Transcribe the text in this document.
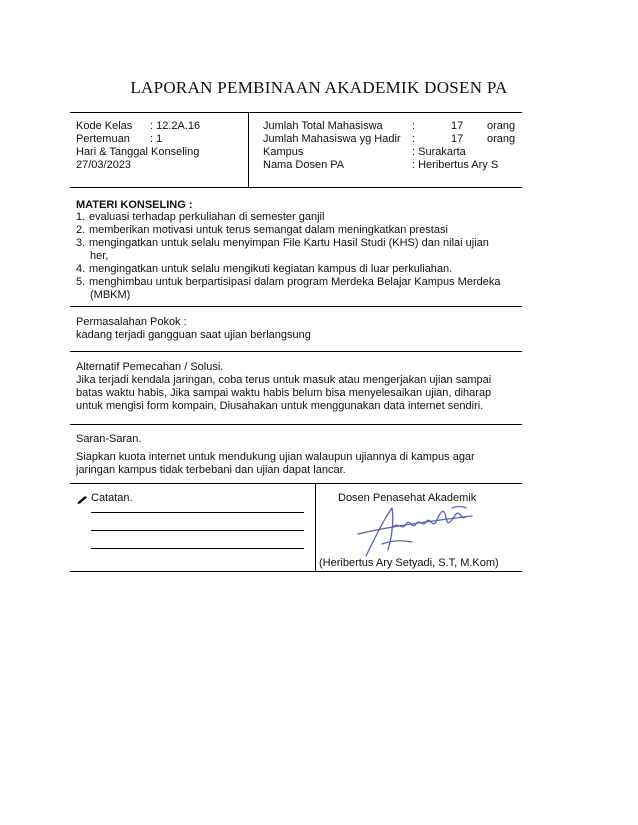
LAPORAN PEMBINAAN AKADEMIK DOSEN PA
Kode Kelas : 12.2A.16
Pertemuan : 1
Hari & Tanggal Konseling
27/03/2023
Jumlah Total Mahasiswa	:	17 orang
Jumlah Mahasiswa yg Hadir :	17 orang
Kampus	: Surakarta
Nama Dosen PA	: Heribertus Ary S
MATERI KONSELING :
1. evaluasi terhadap perkuliahan di semester ganjil
2. memberikan motivasi untuk terus semangat dalam meningkatkan prestasi
3. mengingatkan untuk selalu menyimpan File Kartu Hasil Studi (KHS) dan nilai ujian
her,
4. mengingatkan untuk selalu mengikuti kegiatan kampus di luar perkuliahan.
5. menghimbau untuk berpartisipasi dalam program Merdeka Belajar Kampus Merdeka
(MBKM)
Permasalahan Pokok :
kadang terjadi gangguan saat ujian berlangsung
Alternatif Pemecahan / Solusi.
Jika terjadi kendala jaringan, coba terus untuk masuk atau mengerjakan ujian sampai
batas waktu habis, Jika sampai waktu habis belum bisa menyelesaikan ujian, diharap
untuk mengisi form kompain, Diusahakan untuk menggunakan data internet sendiri.
Saran-Saran.
Siapkan kuota internet untuk mendukung ujian walaupun ujiannya di kampus agar
jaringan kampus tidak terbebani dan ujian dapat lancar.
Catatan.	Dosen Penasehat Akademik
(Heribertus Ary Setyadi, S.T, M.Kom)
